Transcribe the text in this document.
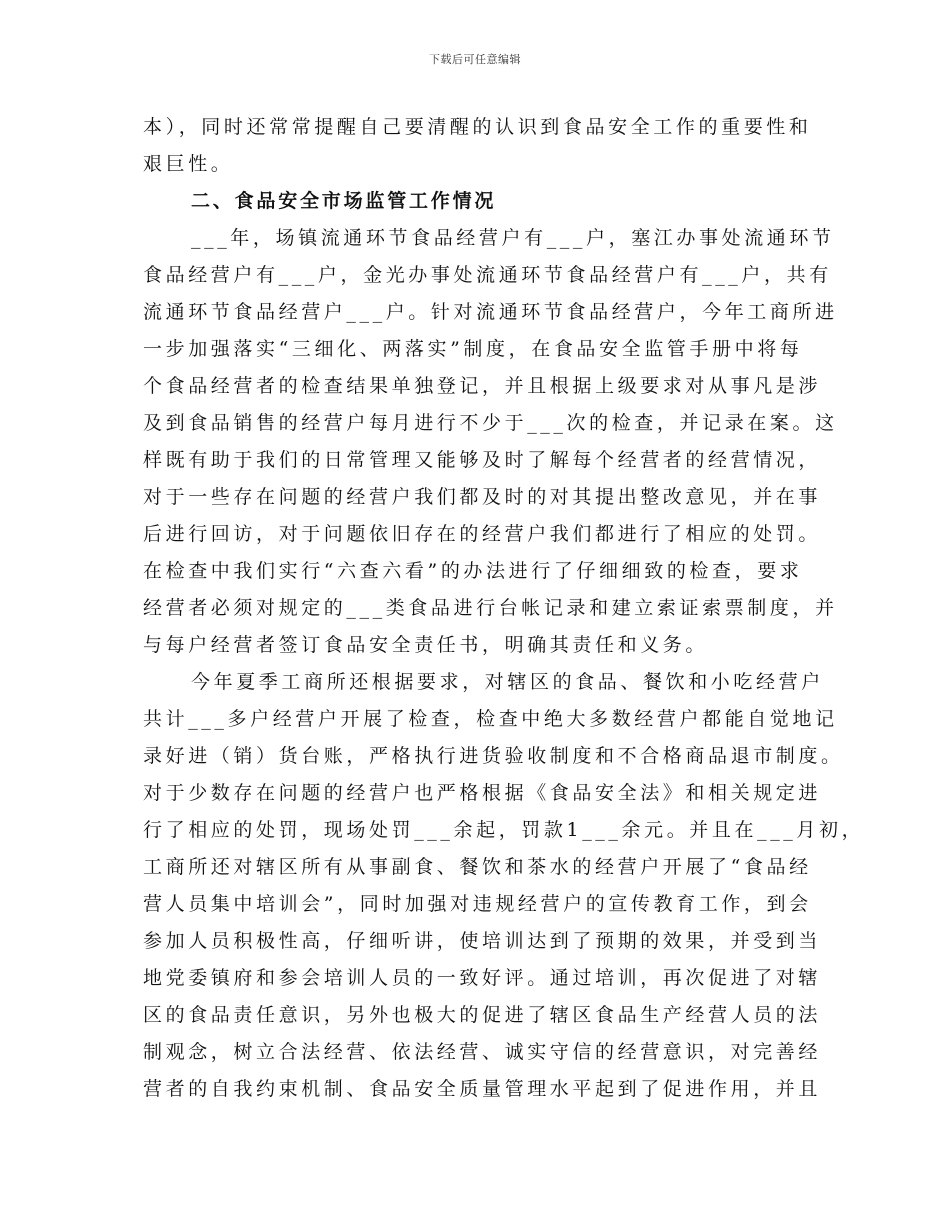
下载后可任意编辑
本），同时还常常提醒自己要清醒的认识到食品安全工作的重要性和
艰巨性。
二、食品安全市场监管工作情况
___年，场镇流通环节食品经营户有___户，塞江办事处流通环节
食品经营户有___户，金光办事处流通环节食品经营户有___户，共有
流通环节食品经营户___户。针对流通环节食品经营户，今年工商所进
一步加强落实“三细化、两落实”制度，在食品安全监管手册中将每
个食品经营者的检查结果单独登记，并且根据上级要求对从事凡是涉
及到食品销售的经营户每月进行不少于___次的检查，并记录在案。这
样既有助于我们的日常管理又能够及时了解每个经营者的经营情况，
对于一些存在问题的经营户我们都及时的对其提出整改意见，并在事
后进行回访，对于问题依旧存在的经营户我们都进行了相应的处罚。
在检查中我们实行“六查六看”的办法进行了仔细细致的检查，要求
经营者必须对规定的___类食品进行台帐记录和建立索证索票制度，并
与每户经营者签订食品安全责任书，明确其责任和义务。
今年夏季工商所还根据要求，对辖区的食品、餐饮和小吃经营户
共计___多户经营户开展了检查，检查中绝大多数经营户都能自觉地记
录好进（销）货台账，严格执行进货验收制度和不合格商品退市制度。
对于少数存在问题的经营户也严格根据《食品安全法》和相关规定进
行了相应的处罚，现场处罚___余起，罚款1___余元。并且在___月初，
工商所还对辖区所有从事副食、餐饮和茶水的经营户开展了“食品经
营人员集中培训会”，同时加强对违规经营户的宣传教育工作，到会
参加人员积极性高，仔细听讲，使培训达到了预期的效果，并受到当
地党委镇府和参会培训人员的一致好评。通过培训，再次促进了对辖
区的食品责任意识，另外也极大的促进了辖区食品生产经营人员的法
制观念，树立合法经营、依法经营、诚实守信的经营意识，对完善经
营者的自我约束机制、食品安全质量管理水平起到了促进作用，并且
